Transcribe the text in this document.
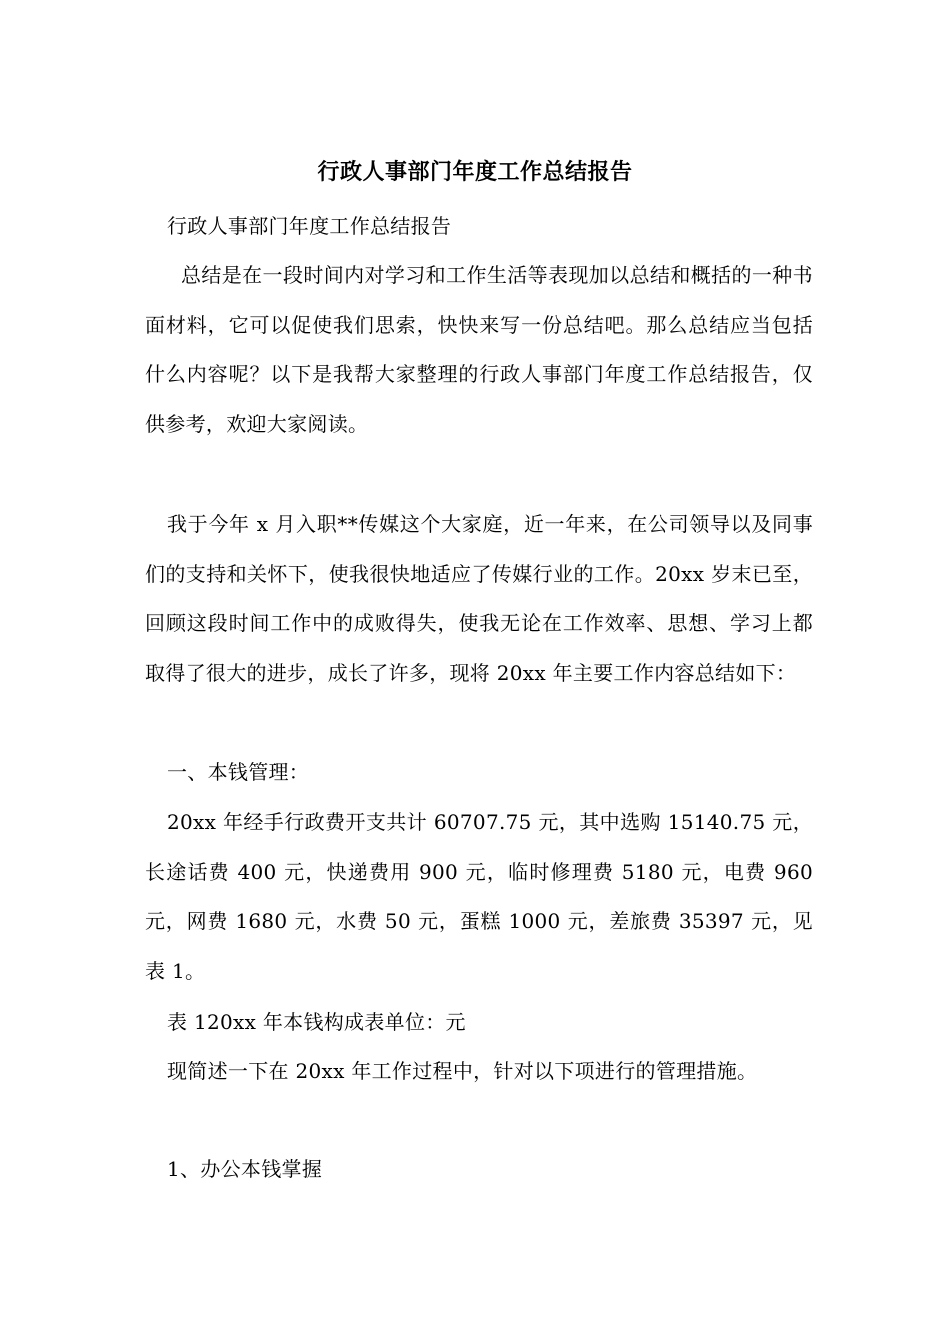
行政人事部门年度工作总结报告
行政人事部门年度工作总结报告
总结是在一段时间内对学习和工作生活等表现加以总结和概括的一种书面材料，它可以促使我们思索，快快来写一份总结吧。那么总结应当包括什么内容呢？以下是我帮大家整理的行政人事部门年度工作总结报告，仅供参考，欢迎大家阅读。
我于今年 x 月入职**传媒这个大家庭，近一年来，在公司领导以及同事们的支持和关怀下，使我很快地适应了传媒行业的工作。20xx 岁末已至，回顾这段时间工作中的成败得失，使我无论在工作效率、思想、学习上都取得了很大的进步，成长了许多，现将 20xx 年主要工作内容总结如下：
一、本钱管理：
20xx 年经手行政费开支共计 60707.75 元，其中选购 15140.75 元，长途话费 400 元，快递费用 900 元，临时修理费 5180 元，电费 960 元，网费 1680 元，水费 50 元，蛋糕 1000 元，差旅费 35397 元，见表 1。
表 120xx 年本钱构成表单位：元
现简述一下在 20xx 年工作过程中，针对以下项进行的管理措施。
1、办公本钱掌握
